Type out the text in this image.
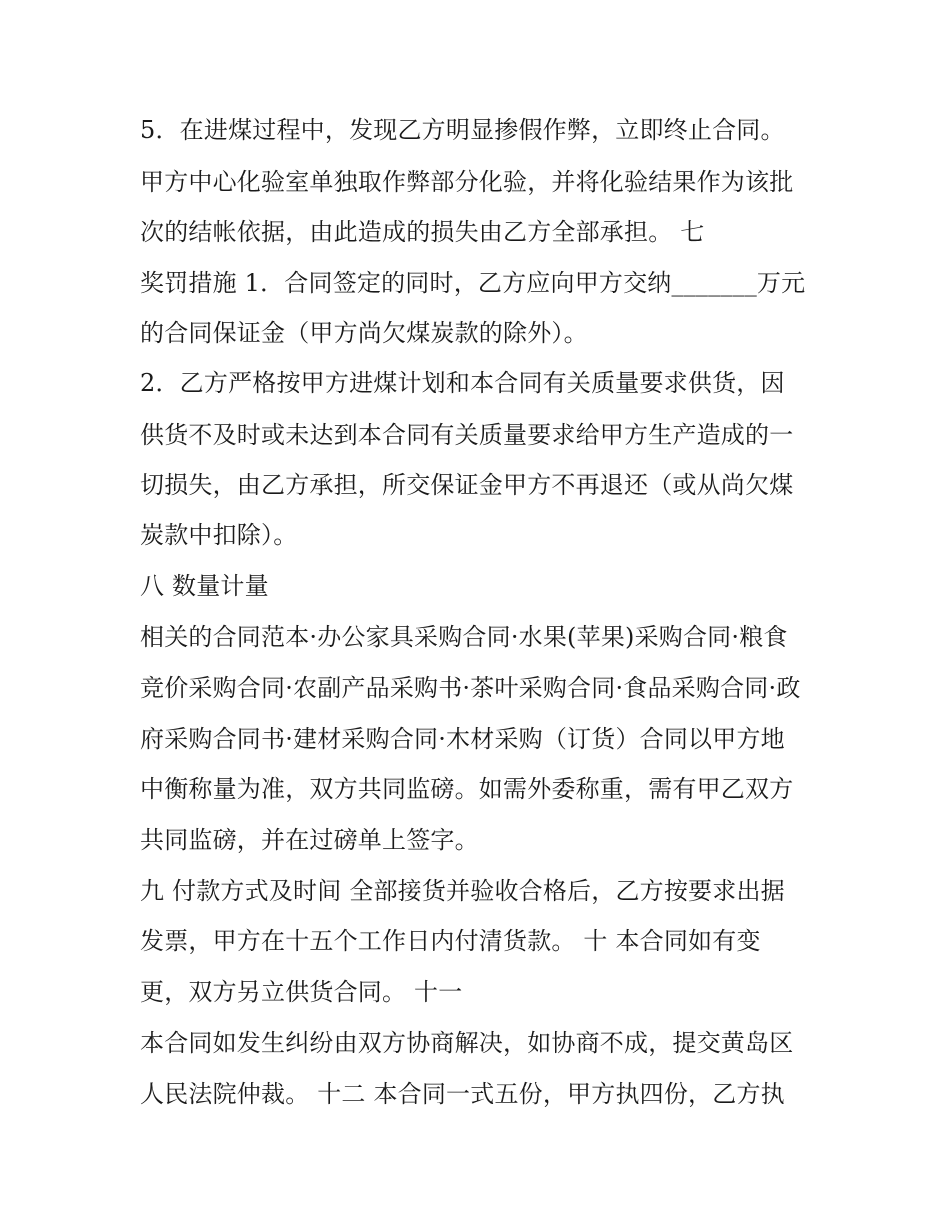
5．在进煤过程中，发现乙方明显掺假作弊，立即终止合同。
甲方中心化验室单独取作弊部分化验，并将化验结果作为该批
次的结帐依据，由此造成的损失由乙方全部承担。 七
奖罚措施 1．合同签定的同时，乙方应向甲方交纳_______万元
的合同保证金（甲方尚欠煤炭款的除外）。
2．乙方严格按甲方进煤计划和本合同有关质量要求供货，因
供货不及时或未达到本合同有关质量要求给甲方生产造成的一
切损失，由乙方承担，所交保证金甲方不再退还（或从尚欠煤
炭款中扣除）。
八 数量计量
相关的合同范本·办公家具采购合同·水果(苹果)采购合同·粮食
竞价采购合同·农副产品采购书·茶叶采购合同·食品采购合同·政
府采购合同书·建材采购合同·木材采购（订货）合同以甲方地
中衡称量为准，双方共同监磅。如需外委称重，需有甲乙双方
共同监磅，并在过磅单上签字。
九 付款方式及时间 全部接货并验收合格后，乙方按要求出据
发票，甲方在十五个工作日内付清货款。 十 本合同如有变
更，双方另立供货合同。 十一
本合同如发生纠纷由双方协商解决，如协商不成，提交黄岛区
人民法院仲裁。 十二 本合同一式五份，甲方执四份，乙方执
